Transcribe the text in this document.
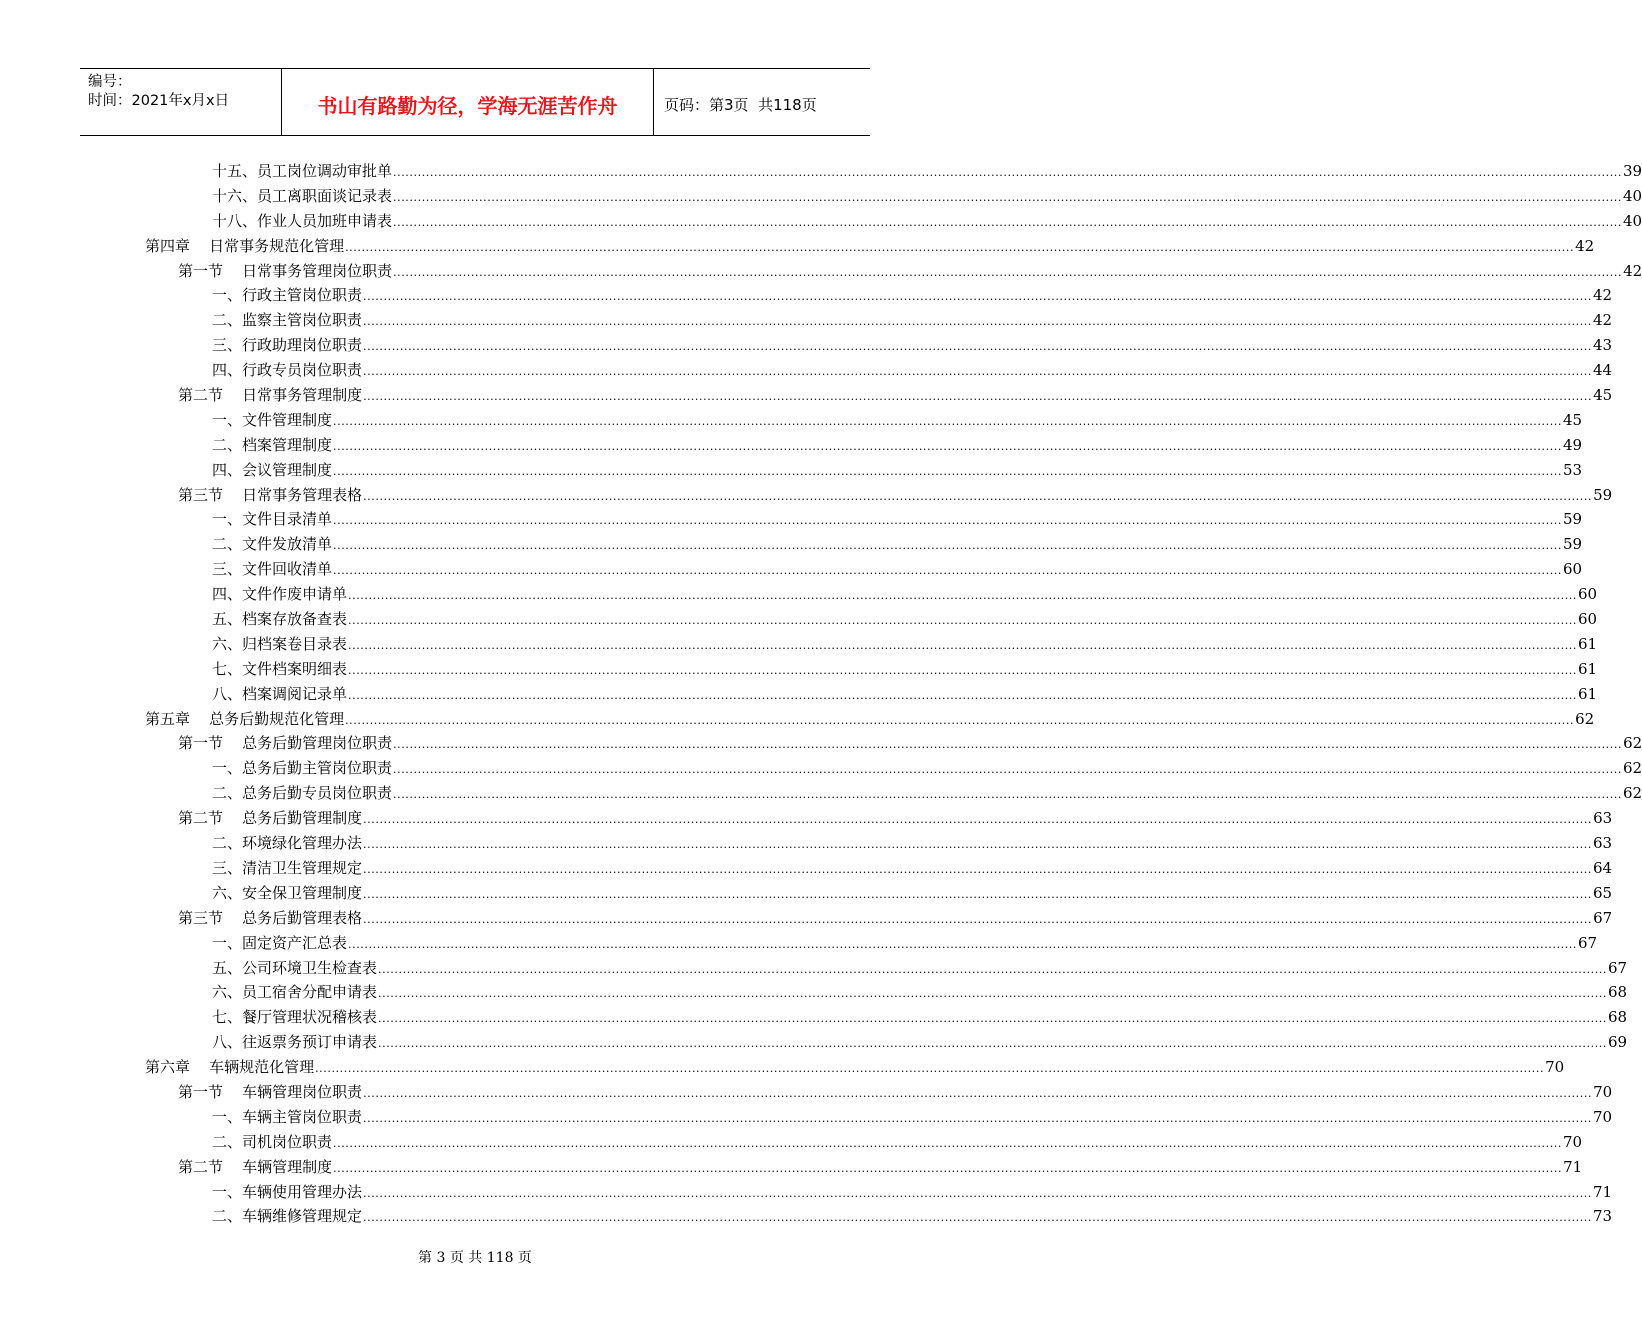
编号：
时间：2021年x月x日	书山有路勤为径，学海无涯苦作舟	页码：第3页  共118页
十五、员工岗位调动审批单 ............................................................................................................................................................................................................................................................................................................ 39
十六、员工离职面谈记录表 ............................................................................................................................................................................................................................................................................................................ 40
十八、作业人员加班申请表 ............................................................................................................................................................................................................................................................................................................ 40
第四章    日常事务规范化管理 ............................................................................................................................................................................................................................................................................................................ 42
第一节    日常事务管理岗位职责 ............................................................................................................................................................................................................................................................................................................ 42
一、行政主管岗位职责 ............................................................................................................................................................................................................................................................................................................ 42
二、监察主管岗位职责 ............................................................................................................................................................................................................................................................................................................ 42
三、行政助理岗位职责 ............................................................................................................................................................................................................................................................................................................ 43
四、行政专员岗位职责 ............................................................................................................................................................................................................................................................................................................ 44
第二节    日常事务管理制度 ............................................................................................................................................................................................................................................................................................................ 45
一、文件管理制度 ............................................................................................................................................................................................................................................................................................................ 45
二、档案管理制度 ............................................................................................................................................................................................................................................................................................................ 49
四、会议管理制度 ............................................................................................................................................................................................................................................................................................................ 53
第三节    日常事务管理表格 ............................................................................................................................................................................................................................................................................................................ 59
一、文件目录清单 ............................................................................................................................................................................................................................................................................................................ 59
二、文件发放清单 ............................................................................................................................................................................................................................................................................................................ 59
三、文件回收清单 ............................................................................................................................................................................................................................................................................................................ 60
四、文件作废申请单 ............................................................................................................................................................................................................................................................................................................ 60
五、档案存放备查表 ............................................................................................................................................................................................................................................................................................................ 60
六、归档案卷目录表 ............................................................................................................................................................................................................................................................................................................ 61
七、文件档案明细表 ............................................................................................................................................................................................................................................................................................................ 61
八、档案调阅记录单 ............................................................................................................................................................................................................................................................................................................ 61
第五章    总务后勤规范化管理 ............................................................................................................................................................................................................................................................................................................ 62
第一节    总务后勤管理岗位职责 ............................................................................................................................................................................................................................................................................................................ 62
一、总务后勤主管岗位职责 ............................................................................................................................................................................................................................................................................................................ 62
二、总务后勤专员岗位职责 ............................................................................................................................................................................................................................................................................................................ 62
第二节    总务后勤管理制度 ............................................................................................................................................................................................................................................................................................................ 63
二、环境绿化管理办法 ............................................................................................................................................................................................................................................................................................................ 63
三、清洁卫生管理规定 ............................................................................................................................................................................................................................................................................................................ 64
六、安全保卫管理制度 ............................................................................................................................................................................................................................................................................................................ 65
第三节    总务后勤管理表格 ............................................................................................................................................................................................................................................................................................................ 67
一、固定资产汇总表 ............................................................................................................................................................................................................................................................................................................ 67
五、公司环境卫生检查表 ............................................................................................................................................................................................................................................................................................................ 67
六、员工宿舍分配申请表 ............................................................................................................................................................................................................................................................................................................ 68
七、餐厅管理状况稽核表 ............................................................................................................................................................................................................................................................................................................ 68
八、往返票务预订申请表 ............................................................................................................................................................................................................................................................................................................ 69
第六章    车辆规范化管理 ............................................................................................................................................................................................................................................................................................................ 70
第一节    车辆管理岗位职责 ............................................................................................................................................................................................................................................................................................................ 70
一、车辆主管岗位职责 ............................................................................................................................................................................................................................................................................................................ 70
二、司机岗位职责 ............................................................................................................................................................................................................................................................................................................ 70
第二节    车辆管理制度 ............................................................................................................................................................................................................................................................................................................ 71
一、车辆使用管理办法 ............................................................................................................................................................................................................................................................................................................ 71
二、车辆维修管理规定 ............................................................................................................................................................................................................................................................................................................ 73
第 3 页 共 118 页
